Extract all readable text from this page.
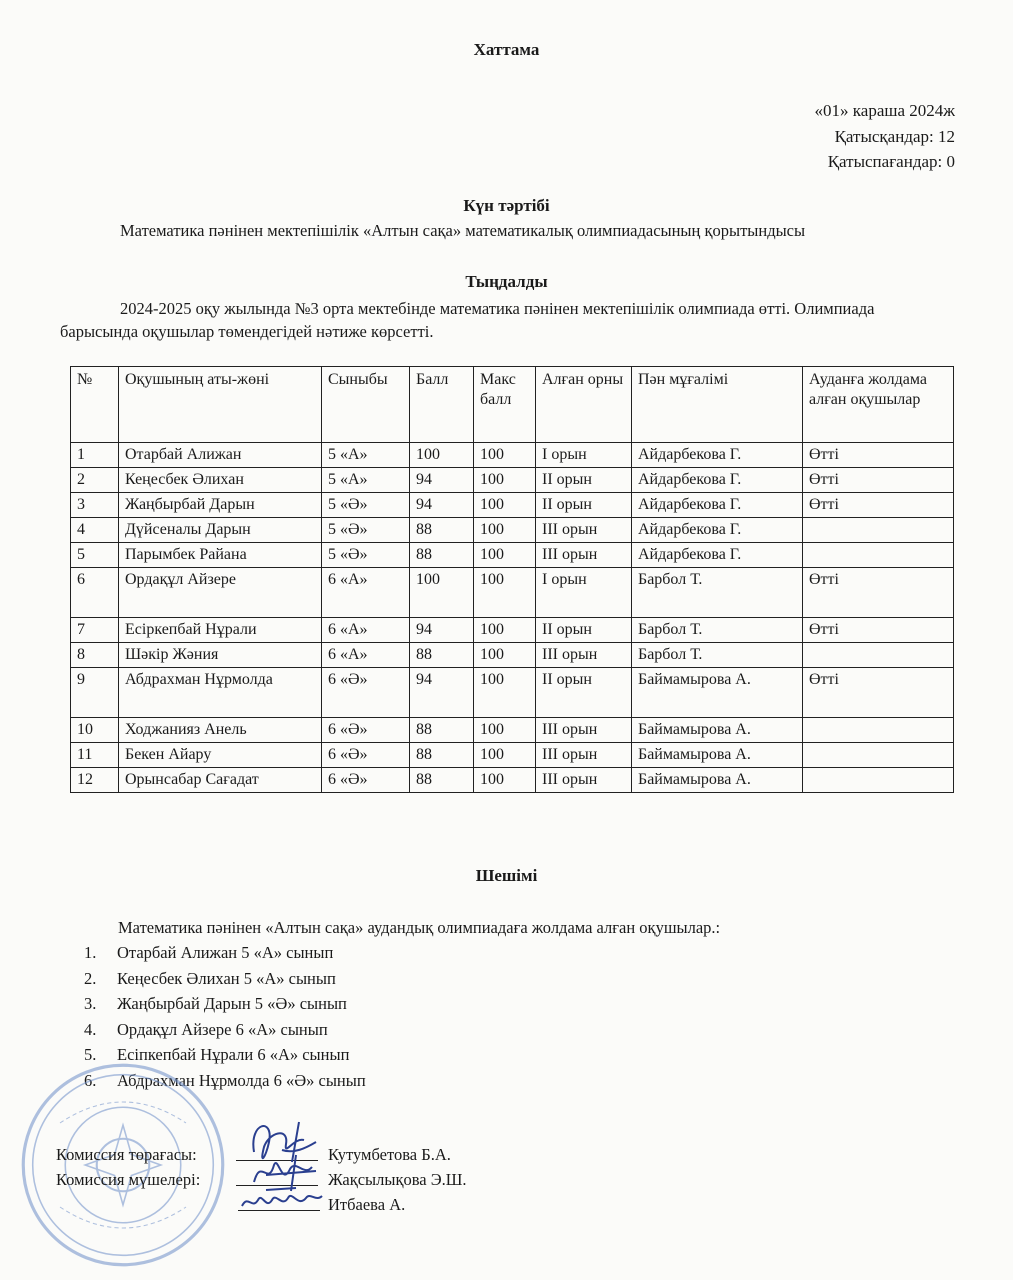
Хаттама
«01» караша 2024ж
Қатысқандар: 12
Қатыспағандар: 0
Күн тәртібі
Математика пәнінен мектепішілік «Алтын сақа» математикалық олимпиадасының қорытындысы
Тыңдалды
2024-2025 оқу жылында №3 орта мектебінде математика пәнінен мектепішілік олимпиада өтті. Олимпиада барысында оқушылар төмендегідей нәтиже көрсетті.
№	Оқушының аты-жөні	Сыныбы	Балл	Макс балл	Алған орны	Пән мұғалімі	Ауданға жолдама алған оқушылар
1	Отарбай Алижан	5 «А»	100	100	I орын	Айдарбекова Г.	Өтті
2	Кеңесбек Әлихан	5 «А»	94	100	II орын	Айдарбекова Г.	Өтті
3	Жаңбырбай Дарын	5 «Ә»	94	100	II орын	Айдарбекова Г.	Өтті
4	Дүйсеналы Дарын	5 «Ә»	88	100	III орын	Айдарбекова Г.	
5	Парымбек Райана	5 «Ә»	88	100	III орын	Айдарбекова Г.	
6	Ордақұл Айзере	6 «А»	100	100	I орын	Барбол Т.	Өтті
7	Есіркепбай Нұрали	6 «А»	94	100	II орын	Барбол Т.	Өтті
8	Шәкір Жәния	6 «А»	88	100	III орын	Барбол Т.	
9	Абдрахман Нұрмолда	6 «Ә»	94	100	II орын	Баймамырова А.	Өтті
10	Ходжанияз Анель	6 «Ә»	88	100	III орын	Баймамырова А.	
11	Бекен Айару	6 «Ә»	88	100	III орын	Баймамырова А.	
12	Орынсабар Сағадат	6 «Ә»	88	100	III орын	Баймамырова А.	
Шешімі
Математика пәнінен «Алтын сақа» аудандық олимпиадаға жолдама алған оқушылар.:
1. Отарбай Алижан 5 «А» сынып
2. Кеңесбек Әлихан 5 «А» сынып
3. Жаңбырбай Дарын 5 «Ә» сынып
4. Ордақұл Айзере 6 «А» сынып
5. Есіпкепбай Нұрали 6 «А» сынып
6. Абдрахман Нұрмолда 6 «Ә» сынып
Комиссия төрағасы:	Кутумбетова Б.А.
Комиссия мүшелері:	Жақсылықова Э.Ш.
Итбаева А.
